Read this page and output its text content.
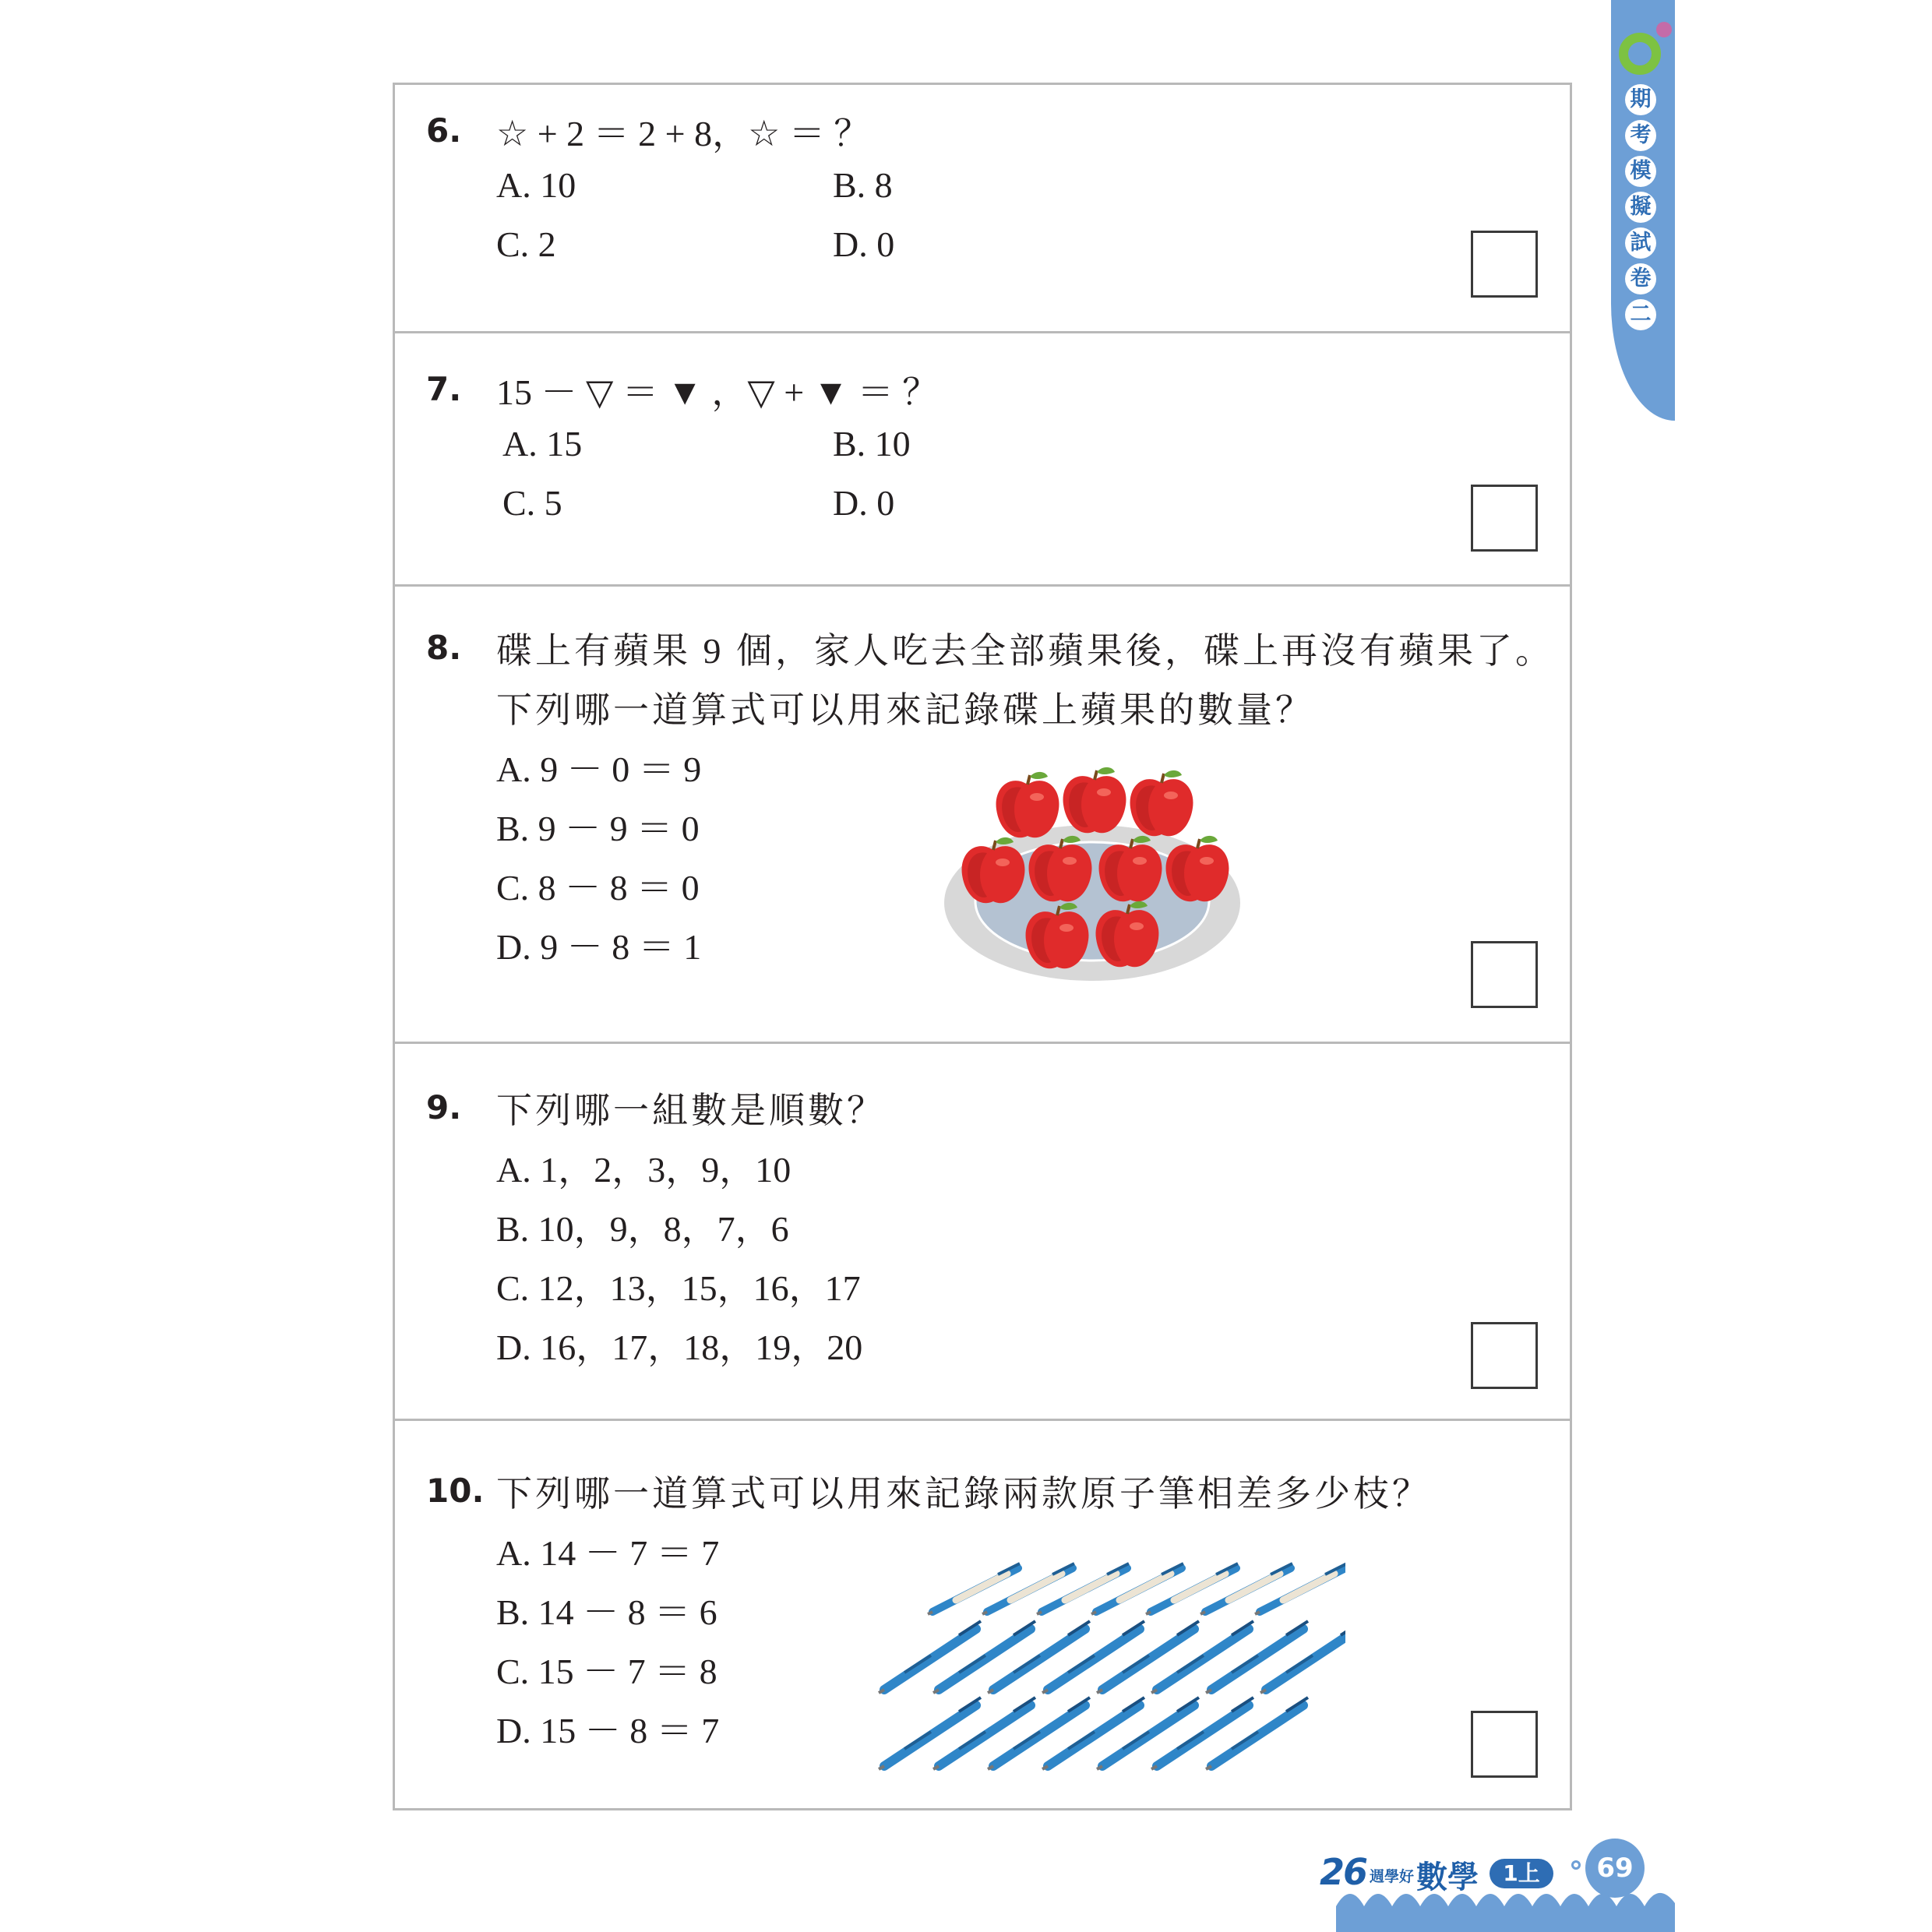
期
考
模
擬
試
卷
二
6. ☆ + 2 ＝ 2 + 8，☆ ＝ ？
A. 10	B. 8
C. 2	D. 0
7. 15 － ▽ ＝ ▼ ，▽ + ▼ ＝ ？
A. 15	B. 10
C. 5	D. 0
8. 碟上有蘋果 9 個，家人吃去全部蘋果後，碟上再沒有蘋果了。
下列哪一道算式可以用來記錄碟上蘋果的數量？
A. 9 － 0 ＝ 9
B. 9 － 9 ＝ 0
C. 8 － 8 ＝ 0
D. 9 － 8 ＝ 1
9. 下列哪一組數是順數？
A. 1，2，3，9，10
B. 10，9，8，7，6
C. 12，13，15，16，17
D. 16，17，18，19，20
10. 下列哪一道算式可以用來記錄兩款原子筆相差多少枝？
A. 14 － 7 ＝ 7
B. 14 － 8 ＝ 6
C. 15 － 7 ＝ 8
D. 15 － 8 ＝ 7
26 週學好 數學	1上	69
